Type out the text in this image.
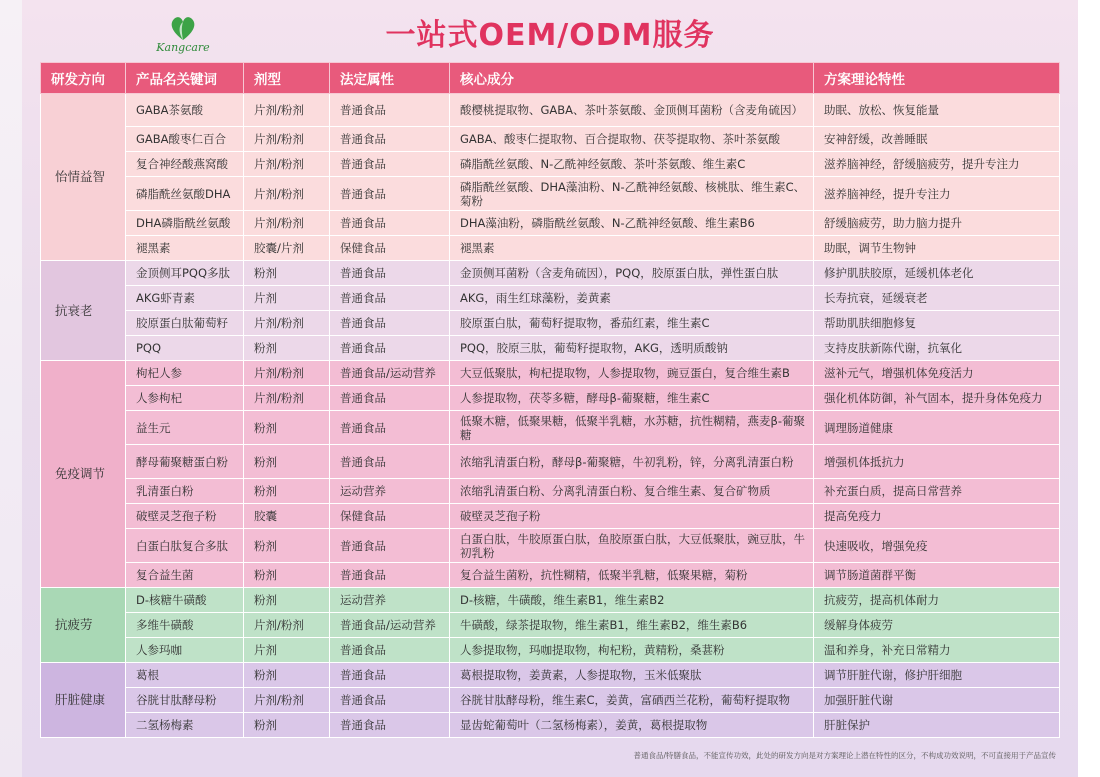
Kangcare	一站式OEM/ODM服务
研发方向	产品名关键词	剂型	法定属性	核心成分	方案理论特性
怡情益智	GABA茶氨酸	片剂/粉剂	普通食品	酸樱桃提取物、GABA、茶叶茶氨酸、金顶侧耳菌粉（含麦角硫因）	助眠、放松、恢复能量
	GABA酸枣仁百合	片剂/粉剂	普通食品	GABA、酸枣仁提取物、百合提取物、茯苓提取物、茶叶茶氨酸	安神舒缓，改善睡眠
	复合神经酸燕窝酸	片剂/粉剂	普通食品	磷脂酰丝氨酸、N-乙酰神经氨酸、茶叶茶氨酸、维生素C	滋养脑神经，舒缓脑疲劳，提升专注力
	磷脂酰丝氨酸DHA	片剂/粉剂	普通食品	磷脂酰丝氨酸、DHA藻油粉、N-乙酰神经氨酸、核桃肽、维生素C、菊粉	滋养脑神经，提升专注力
	DHA磷脂酰丝氨酸	片剂/粉剂	普通食品	DHA藻油粉，磷脂酰丝氨酸、N-乙酰神经氨酸、维生素B6	舒缓脑疲劳，助力脑力提升
	褪黑素	胶囊/片剂	保健食品	褪黑素	助眠，调节生物钟
抗衰老	金顶侧耳PQQ多肽	粉剂	普通食品	金顶侧耳菌粉（含麦角硫因），PQQ，胶原蛋白肽，弹性蛋白肽	修护肌肤胶原，延缓机体老化
	AKG虾青素	片剂	普通食品	AKG，雨生红球藻粉，姜黄素	长寿抗衰，延缓衰老
	胶原蛋白肽葡萄籽	片剂/粉剂	普通食品	胶原蛋白肽，葡萄籽提取物，番茄红素，维生素C	帮助肌肤细胞修复
	PQQ	粉剂	普通食品	PQQ，胶原三肽，葡萄籽提取物，AKG，透明质酸钠	支持皮肤新陈代谢，抗氧化
免疫调节	枸杞人参	片剂/粉剂	普通食品/运动营养	大豆低聚肽，枸杞提取物，人参提取物，豌豆蛋白，复合维生素B	滋补元气，增强机体免疫活力
	人参枸杞	片剂/粉剂	普通食品	人参提取物，茯苓多糖，酵母β-葡聚糖，维生素C	强化机体防御，补气固本，提升身体免疫力
	益生元	粉剂	普通食品	低聚木糖，低聚果糖，低聚半乳糖，水苏糖，抗性糊精，燕麦β-葡聚糖	调理肠道健康
	酵母葡聚糖蛋白粉	粉剂	普通食品	浓缩乳清蛋白粉，酵母β-葡聚糖，牛初乳粉，锌，分离乳清蛋白粉	增强机体抵抗力
	乳清蛋白粉	粉剂	运动营养	浓缩乳清蛋白粉、分离乳清蛋白粉、复合维生素、复合矿物质	补充蛋白质，提高日常营养
	破壁灵芝孢子粉	胶囊	保健食品	破壁灵芝孢子粉	提高免疫力
	白蛋白肽复合多肽	粉剂	普通食品	白蛋白肽，牛胶原蛋白肽，鱼胶原蛋白肽，大豆低聚肽，豌豆肽，牛初乳粉	快速吸收，增强免疫
	复合益生菌	粉剂	普通食品	复合益生菌粉，抗性糊精，低聚半乳糖，低聚果糖，菊粉	调节肠道菌群平衡
抗疲劳	D-核糖牛磺酸	粉剂	运动营养	D-核糖，牛磺酸，维生素B1，维生素B2	抗疲劳，提高机体耐力
	多维牛磺酸	片剂/粉剂	普通食品/运动营养	牛磺酸，绿茶提取物，维生素B1，维生素B2，维生素B6	缓解身体疲劳
	人参玛咖	片剂	普通食品	人参提取物，玛咖提取物，枸杞粉，黄精粉，桑葚粉	温和养身，补充日常精力
肝脏健康	葛根	粉剂	普通食品	葛根提取物，姜黄素，人参提取物，玉米低聚肽	调节肝脏代谢，修护肝细胞
	谷胱甘肽酵母粉	片剂/粉剂	普通食品	谷胱甘肽酵母粉，维生素C，姜黄，富硒西兰花粉，葡萄籽提取物	加强肝脏代谢
	二氢杨梅素	粉剂	普通食品	显齿蛇葡萄叶（二氢杨梅素），姜黄，葛根提取物	肝脏保护
普通食品/特膳食品，不能宣传功效，此处的研发方向是对方案理论上潜在特性的区分，不构成功效说明，不可直接用于产品宣传
